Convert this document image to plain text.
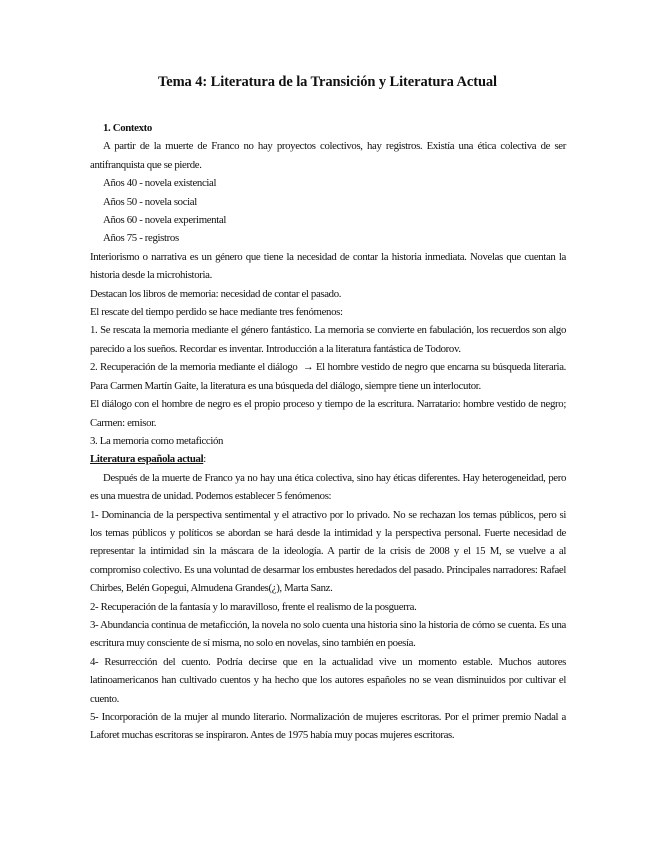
Tema 4: Literatura de la Transición y Literatura Actual

1. Contexto

A partir de la muerte de Franco no hay proyectos colectivos, hay registros. Existía una ética colectiva de ser antifranquista que se pierde.

Años 40 - novela existencial

Años 50 - novela social

Años 60 - novela experimental

Años 75 - registros

Interiorismo o narrativa es un género que tiene la necesidad de contar la historia inmediata. Novelas que cuentan la historia desde la microhistoria.

Destacan los libros de memoria: necesidad de contar el pasado.

El rescate del tiempo perdido se hace mediante tres fenómenos:

1. Se rescata la memoria mediante el género fantástico. La memoria se convierte en fabulación, los recuerdos son algo parecido a los sueños. Recordar es inventar. Introducción a la literatura fantástica de Todorov.

2. Recuperación de la memoria mediante el diálogo → El hombre vestido de negro que encarna su búsqueda literaria. Para Carmen Martín Gaite, la literatura es una búsqueda del diálogo, siempre tiene un interlocutor.

El diálogo con el hombre de negro es el propio proceso y tiempo de la escritura. Narratario: hombre vestido de negro; Carmen: emisor.

3. La memoria como metaficción

Literatura española actual:

Después de la muerte de Franco ya no hay una ética colectiva, sino hay éticas diferentes. Hay heterogeneidad, pero es una muestra de unidad. Podemos establecer 5 fenómenos:

1- Dominancia de la perspectiva sentimental y el atractivo por lo privado. No se rechazan los temas públicos, pero si los temas públicos y políticos se abordan se hará desde la intimidad y la perspectiva personal. Fuerte necesidad de representar la intimidad sin la máscara de la ideología. A partir de la crisis de 2008 y el 15 M, se vuelve a al compromiso colectivo. Es una voluntad de desarmar los embustes heredados del pasado. Principales narradores: Rafael Chirbes, Belén Gopegui, Almudena Grandes(¿), Marta Sanz.

2- Recuperación de la fantasía y lo maravilloso, frente el realismo de la posguerra.

3- Abundancia continua de metaficción, la novela no solo cuenta una historia sino la historia de cómo se cuenta. Es una escritura muy consciente de sí misma, no solo en novelas, sino también en poesía.

4- Resurrección del cuento. Podría decirse que en la actualidad vive un momento estable. Muchos autores latinoamericanos han cultivado cuentos y ha hecho que los autores españoles no se vean disminuidos por cultivar el cuento.

5- Incorporación de la mujer al mundo literario. Normalización de mujeres escritoras. Por el primer premio Nadal a Laforet muchas escritoras se inspiraron. Antes de 1975 había muy pocas mujeres escritoras.
